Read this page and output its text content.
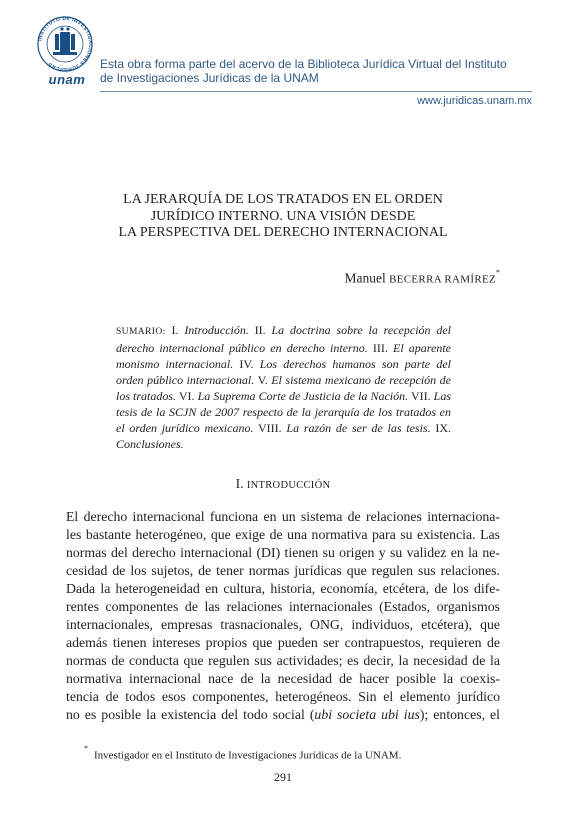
INSTITUTO DE INVESTIGACIONES JURÍDICAS
unam
Esta obra forma parte del acervo de la Biblioteca Jurídica Virtual del Instituto
de Investigaciones Jurídicas de la UNAM
www.juridicas.unam.mx
LA JERARQUÍA DE LOS TRATADOS EN EL ORDEN
JURÍDICO INTERNO. UNA VISIÓN DESDE
LA PERSPECTIVA DEL DERECHO INTERNACIONAL
Manuel BECERRA RAMÍREZ*
SUMARIO: I. Introducción. II. La doctrina sobre la recepción del derecho internacional público en derecho interno. III. El aparente monismo internacional. IV. Los derechos humanos son parte del orden público internacional. V. El sistema mexicano de recepción de los tratados. VI. La Suprema Corte de Justicia de la Nación. VII. Las tesis de la SCJN de 2007 respecto de la jerarquía de los tratados en el orden jurídico mexicano. VIII. La razón de ser de las tesis. IX. Conclusiones.
I. INTRODUCCIÓN
El derecho internacional funciona en un sistema de relaciones internaciona-
les bastante heterogéneo, que exige de una normativa para su existencia. Las
normas del derecho internacional (DI) tienen su origen y su validez en la ne-
cesidad de los sujetos, de tener normas jurídicas que regulen sus relaciones.
Dada la heterogeneidad en cultura, historia, economía, etcétera, de los dife-
rentes componentes de las relaciones internacionales (Estados, organismos
internacionales, empresas trasnacionales, ONG, individuos, etcétera), que
además tienen intereses propios que pueden ser contrapuestos, requieren de
normas de conducta que regulen sus actividades; es decir, la necesidad de la
normativa internacional nace de la necesidad de hacer posible la coexis-
tencia de todos esos componentes, heterogéneos. Sin el elemento jurídico
no es posible la existencia del todo social (ubi societa ubi ius); entonces, el
*Investigador en el Instituto de Investigaciones Jurídicas de la UNAM.
291
